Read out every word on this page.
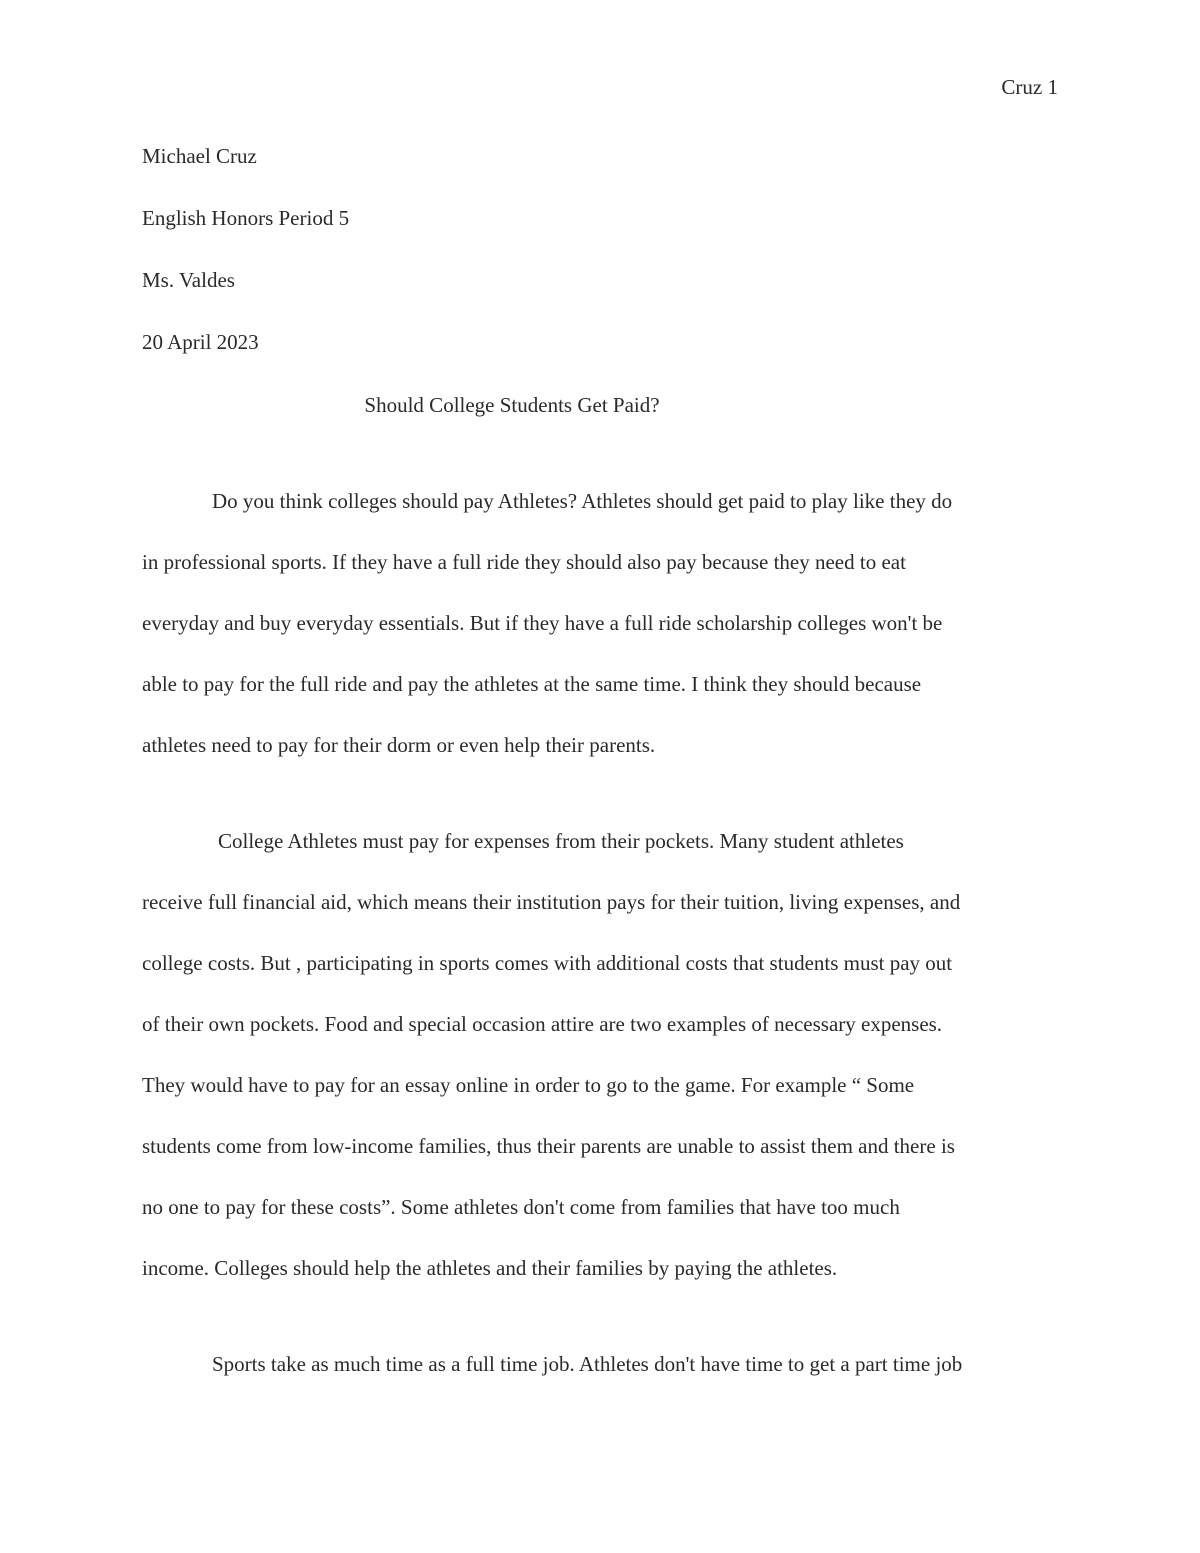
Cruz 1
Michael Cruz
English Honors Period 5
Ms. Valdes
20 April 2023
Should College Students Get Paid?
Do you think colleges should pay Athletes? Athletes should get paid to play like they do
in professional sports. If they have a full ride they should also pay because they need to eat
everyday and buy everyday essentials. But if they have a full ride scholarship colleges won't be
able to pay for the full ride and pay the athletes at the same time. I think they should because
athletes need to pay for their dorm or even help their parents.
College Athletes must pay for expenses from their pockets. Many student athletes
receive full financial aid, which means their institution pays for their tuition, living expenses, and
college costs. But , participating in sports comes with additional costs that students must pay out
of their own pockets. Food and special occasion attire are two examples of necessary expenses.
They would have to pay for an essay online in order to go to the game. For example “ Some
students come from low-income families, thus their parents are unable to assist them and there is
no one to pay for these costs”. Some athletes don't come from families that have too much
income. Colleges should help the athletes and their families by paying the athletes.
Sports take as much time as a full time job. Athletes don't have time to get a part time job
